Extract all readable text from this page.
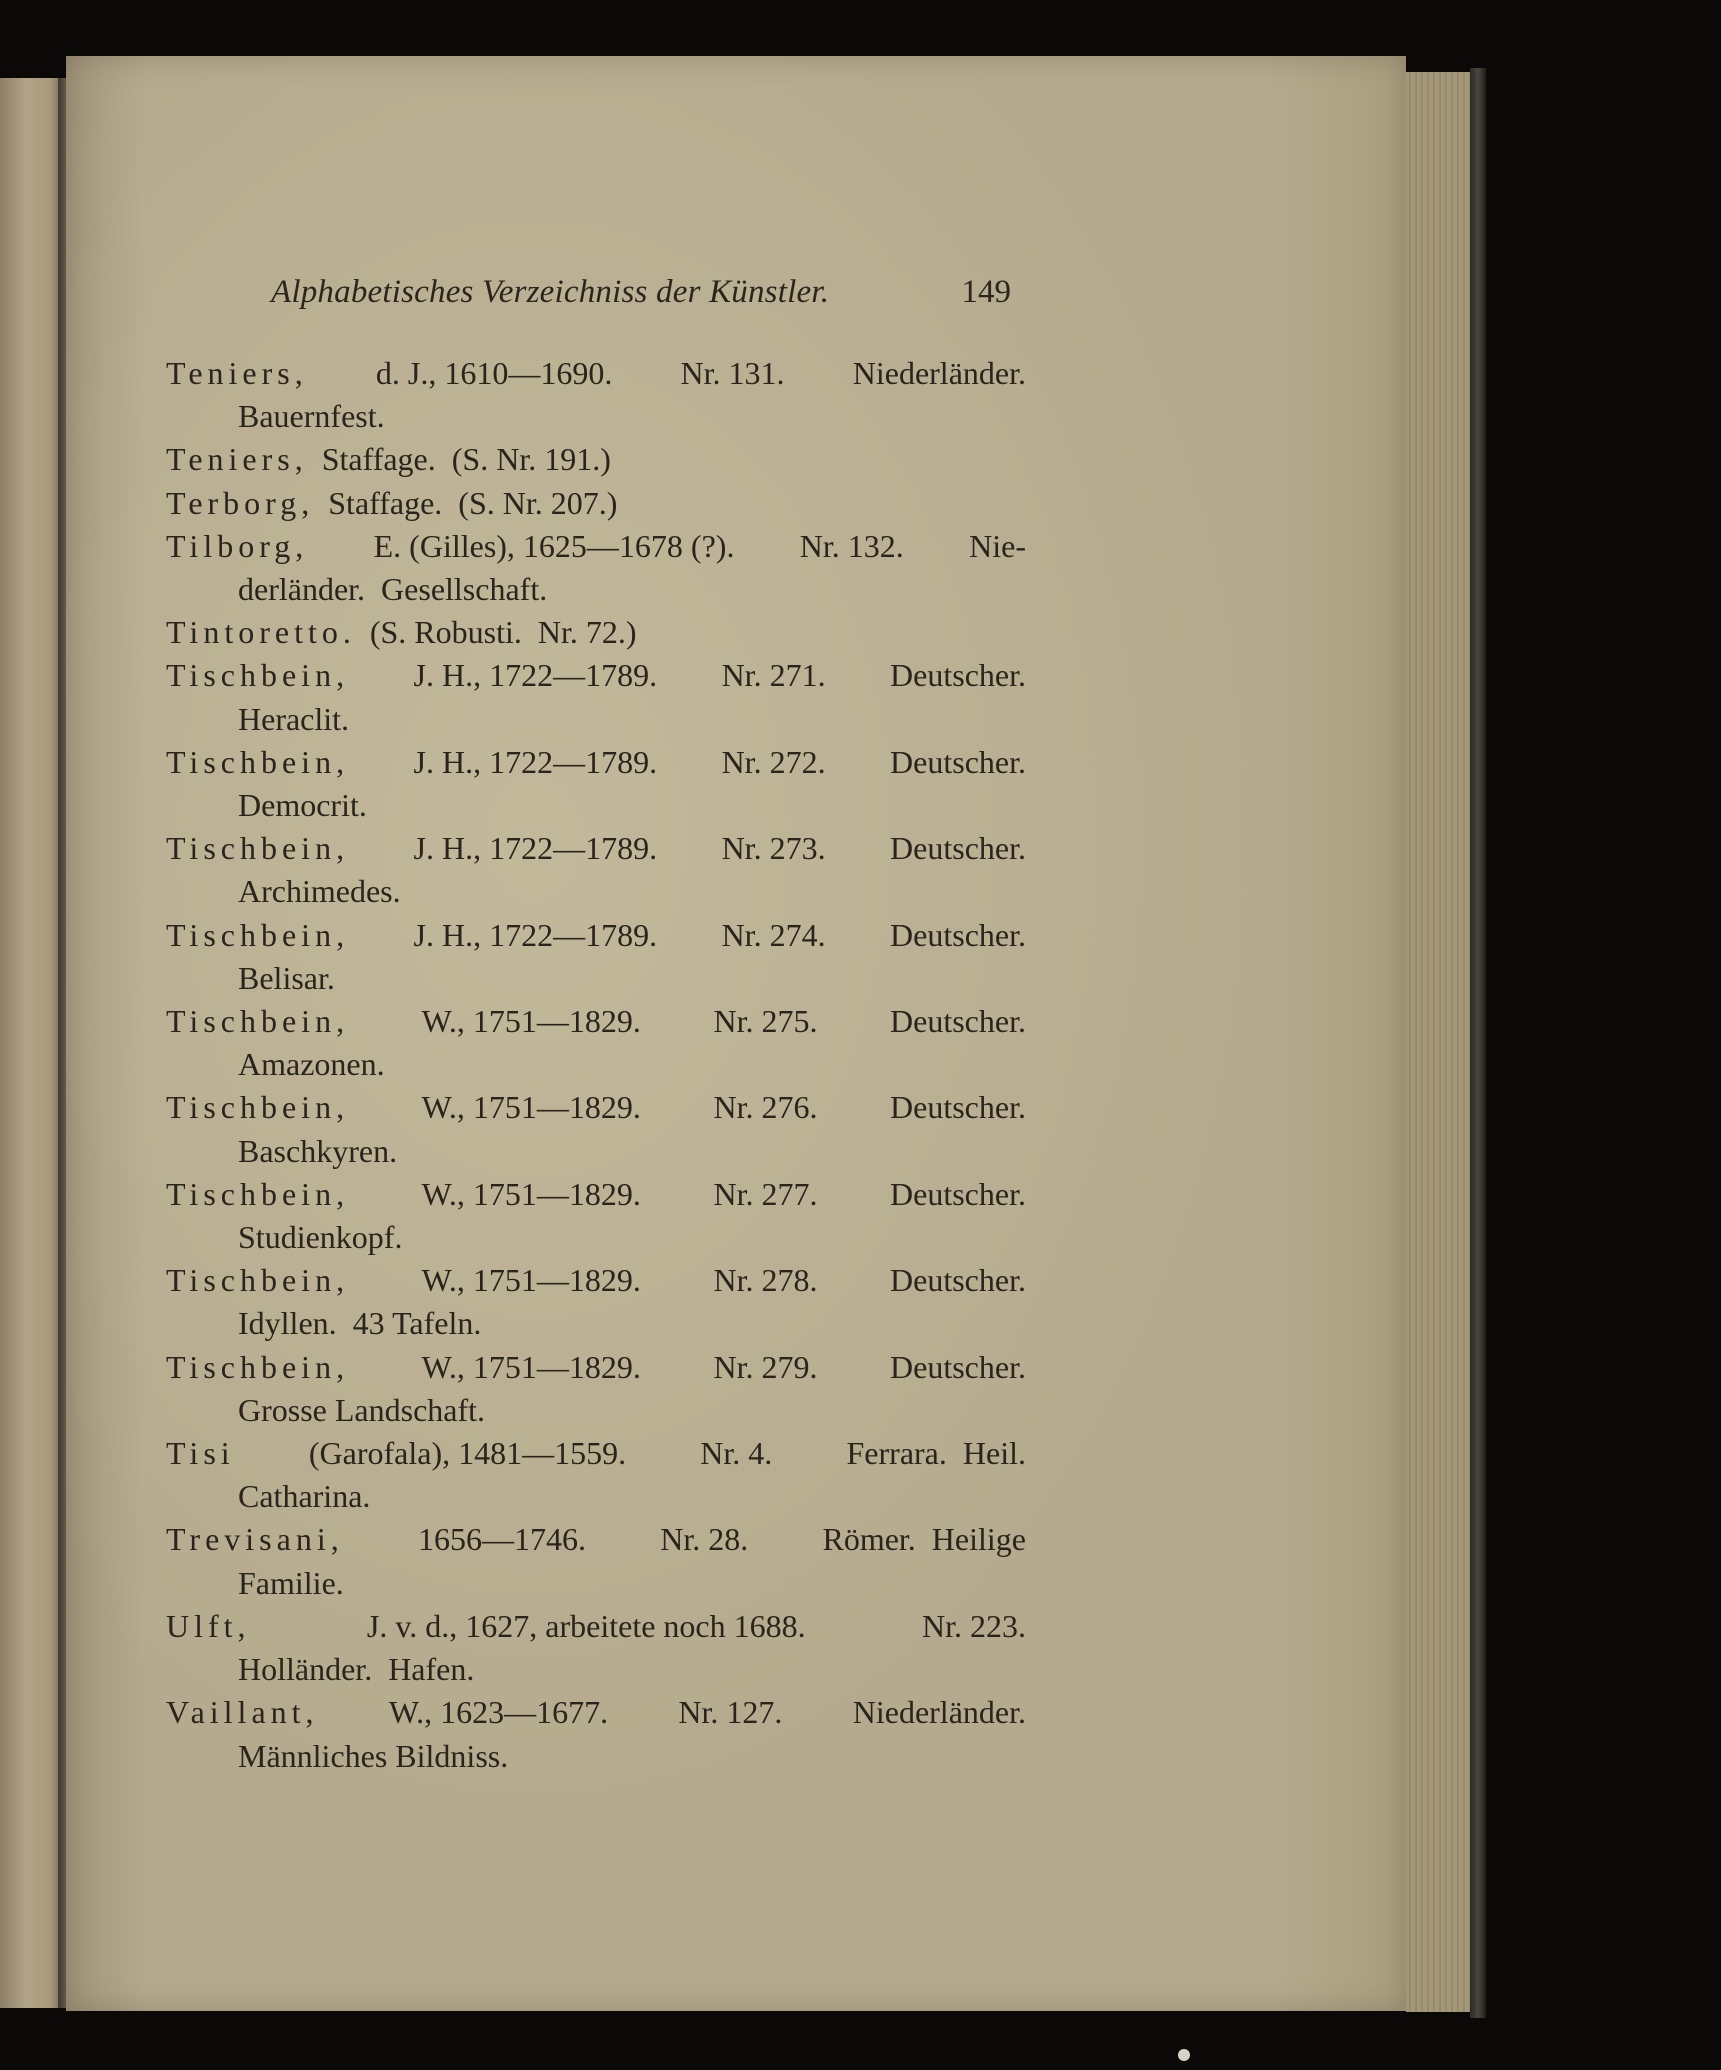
Alphabetisches Verzeichniss der Künstler.	149
Teniers, d. J., 1610—1690. Nr. 131. Niederländer.
Bauernfest.
Teniers, Staffage.  (S. Nr. 191.)
Terborg, Staffage.  (S. Nr. 207.)
Tilborg, E. (Gilles), 1625—1678 (?). Nr. 132. Nie-
derländer.  Gesellschaft.
Tintoretto. (S. Robusti.  Nr. 72.)
Tischbein, J. H., 1722—1789. Nr. 271. Deutscher.
Heraclit.
Tischbein, J. H., 1722—1789. Nr. 272. Deutscher.
Democrit.
Tischbein, J. H., 1722—1789. Nr. 273. Deutscher.
Archimedes.
Tischbein, J. H., 1722—1789. Nr. 274. Deutscher.
Belisar.
Tischbein, W., 1751—1829. Nr. 275. Deutscher.
Amazonen.
Tischbein, W., 1751—1829. Nr. 276. Deutscher.
Baschkyren.
Tischbein, W., 1751—1829. Nr. 277. Deutscher.
Studienkopf.
Tischbein, W., 1751—1829. Nr. 278. Deutscher.
Idyllen.  43 Tafeln.
Tischbein, W., 1751—1829. Nr. 279. Deutscher.
Grosse Landschaft.
Tisi (Garofala), 1481—1559. Nr. 4. Ferrara.  Heil.
Catharina.
Trevisani, 1656—1746. Nr. 28. Römer.  Heilige
Familie.
Ulft,	J. v. d., 1627, arbeitete noch 1688.	Nr. 223.
Holländer.  Hafen.
Vaillant, W., 1623—1677. Nr. 127. Niederländer.
Männliches Bildniss.
